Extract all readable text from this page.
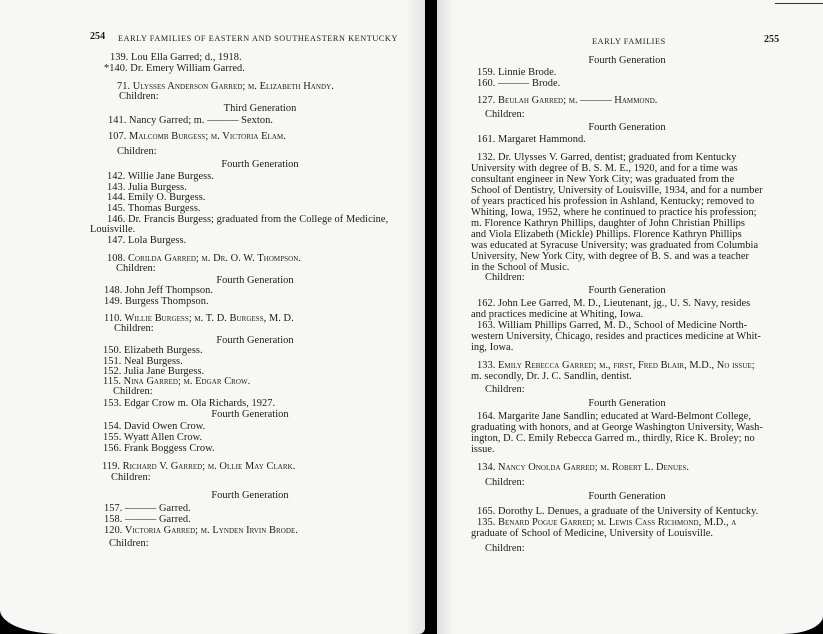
254 EARLY FAMILIES OF EASTERN AND SOUTHEASTERN KENTUCKY
139. Lou Ella Garred; d., 1918.
*140. Dr. Emery William Garred.
71. Ulysses Anderson Garred; m. Elizabeth Handy.
Children:
Third Generation
141. Nancy Garred; m. ——— Sexton.
107. Malcomb Burgess; m. Victoria Elam.
Children:
Fourth Generation
142. Willie Jane Burgess.
143. Julia Burgess.
144. Emily O. Burgess.
145. Thomas Burgess.
146. Dr. Francis Burgess; graduated from the College of Medicine,
Louisville.
147. Lola Burgess.
108. Corilda Garred; m. Dr. O. W. Thompson.
Children:
Fourth Generation
148. John Jeff Thompson.
149. Burgess Thompson.
110. Willie Burgess; m. T. D. Burgess, M. D.
Children:
Fourth Generation
150. Elizabeth Burgess.
151. Neal Burgess.
152. Julia Jane Burgess.
115. Nina Garred; m. Edgar Crow.
Children:
153. Edgar Crow m. Ola Richards, 1927.
Fourth Generation
154. David Owen Crow.
155. Wyatt Allen Crow.
156. Frank Boggess Crow.
119. Richard V. Garred; m. Ollie May Clark.
Children:
Fourth Generation
157. ——— Garred.
158. ——— Garred.
120. Victoria Garred; m. Lynden Irvin Brode.
Children:
EARLY FAMILIES	255
Fourth Generation
159. Linnie Brode.
160. ——— Brode.
127. Beulah Garred; m. ——— Hammond.
Children:
Fourth Generation
161. Margaret Hammond.
132. Dr. Ulysses V. Garred, dentist; graduated from Kentucky
University with degree of B. S. M. E., 1920, and for a time was
consultant engineer in New York City; was graduated from the
School of Dentistry, University of Louisville, 1934, and for a number
of years practiced his profession in Ashland, Kentucky; removed to
Whiting, Iowa, 1952, where he continued to practice his profession;
m. Florence Kathryn Phillips, daughter of John Christian Phillips
and Viola Elizabeth (Mickle) Phillips. Florence Kathryn Phillips
was educated at Syracuse University; was graduated from Columbia
University, New York City, with degree of B. S. and was a teacher
in the School of Music.
Children:
Fourth Generation
162. John Lee Garred, M. D., Lieutenant, jg., U. S. Navy, resides
and practices medicine at Whiting, Iowa.
163. William Phillips Garred, M. D., School of Medicine North-
western University, Chicago, resides and practices medicine at Whit-
ing, Iowa.
133. Emily Rebecca Garred; m., first, Fred Blair, M.D., No issue;
m. secondly, Dr. J. C. Sandlin, dentist.
Children:
Fourth Generation
164. Margarite Jane Sandlin; educated at Ward-Belmont College,
graduating with honors, and at George Washington University, Wash-
ington, D. C. Emily Rebecca Garred m., thirdly, Rice K. Broley; no
issue.
134. Nancy Onolda Garred; m. Robert L. Denues.
Children:
Fourth Generation
165. Dorothy L. Denues, a graduate of the University of Kentucky.
135. Benard Pogue Garred; m. Lewis Cass Richmond, M.D., a
graduate of School of Medicine, University of Louisville.
Children:
